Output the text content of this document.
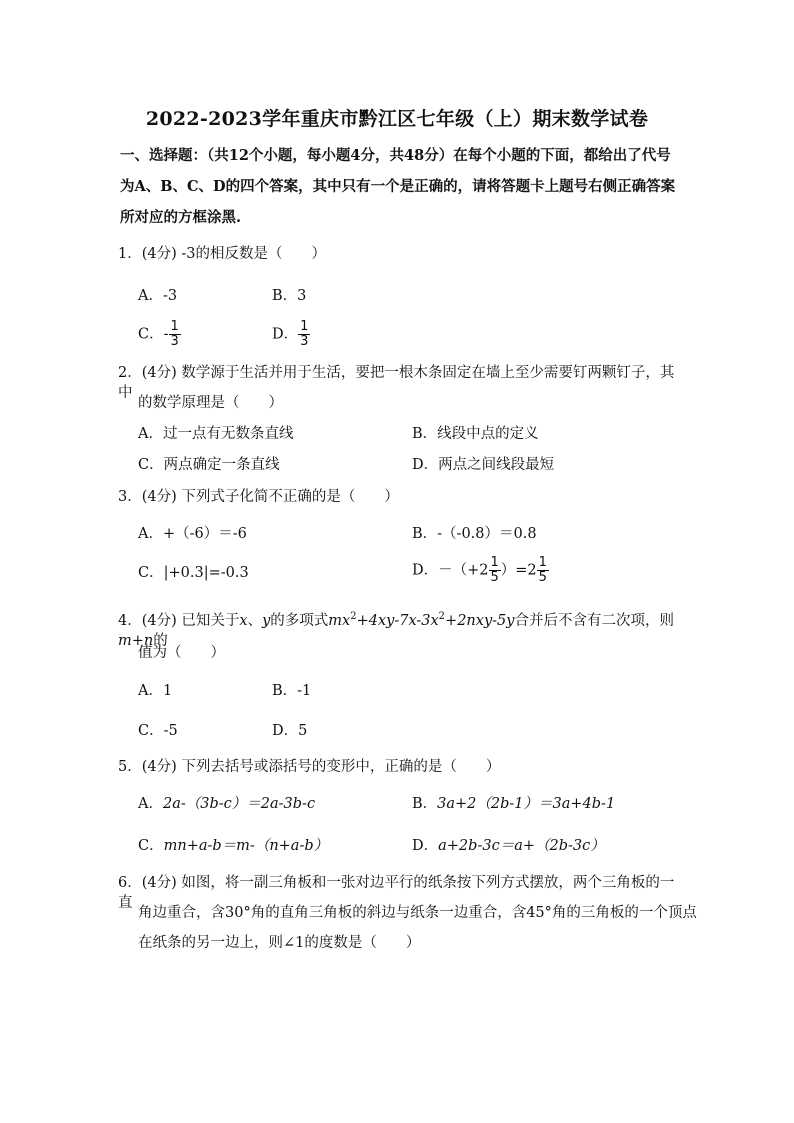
2022-2023学年重庆市黔江区七年级（上）期末数学试卷
一、选择题：（共12个小题，每小题4分，共48分）在每个小题的下面，都给出了代号为A、B、C、D的四个答案，其中只有一个是正确的，请将答题卡上题号右侧正确答案所对应的方框涂黑.
1．(4分) -3的相反数是（　　）
A．-3	B．3
C．- $\frac{1}{3}$	D． $\frac{1}{3}$
2．(4分) 数学源于生活并用于生活，要把一根木条固定在墙上至少需要钉两颗钉子，其中
的数学原理是（　　）
A．过一点有无数条直线	B．线段中点的定义
C．两点确定一条直线	D．两点之间线段最短
3．(4分) 下列式子化简不正确的是（　　）
A．+（-6）＝-6	B．-（-0.8）＝0.8
C．|+0.3|=-0.3	D．$-(+2 \frac{1}{5} )=2 \frac{1}{5}$
4．(4分) 已知关于x、y的多项式$mx^2+4xy-7x-3x^2+2nxy-5y$合并后不含有二次项，则m+n的
值为（　　）
A．1	B．-1
C．-5	D．5
5．(4分) 下列去括号或添括号的变形中，正确的是（　　）
A．2a-（3b-c）＝2a-3b-c	B．3a+2（2b-1）＝3a+4b-1
C．mn+a-b＝m-（n+a-b）	D．a+2b-3c＝a+（2b-3c）
6．(4分) 如图，将一副三角板和一张对边平行的纸条按下列方式摆放，两个三角板的一直
角边重合，含30°角的直角三角板的斜边与纸条一边重合，含45°角的三角板的一个顶点
在纸条的另一边上，则∠1的度数是（　　）
